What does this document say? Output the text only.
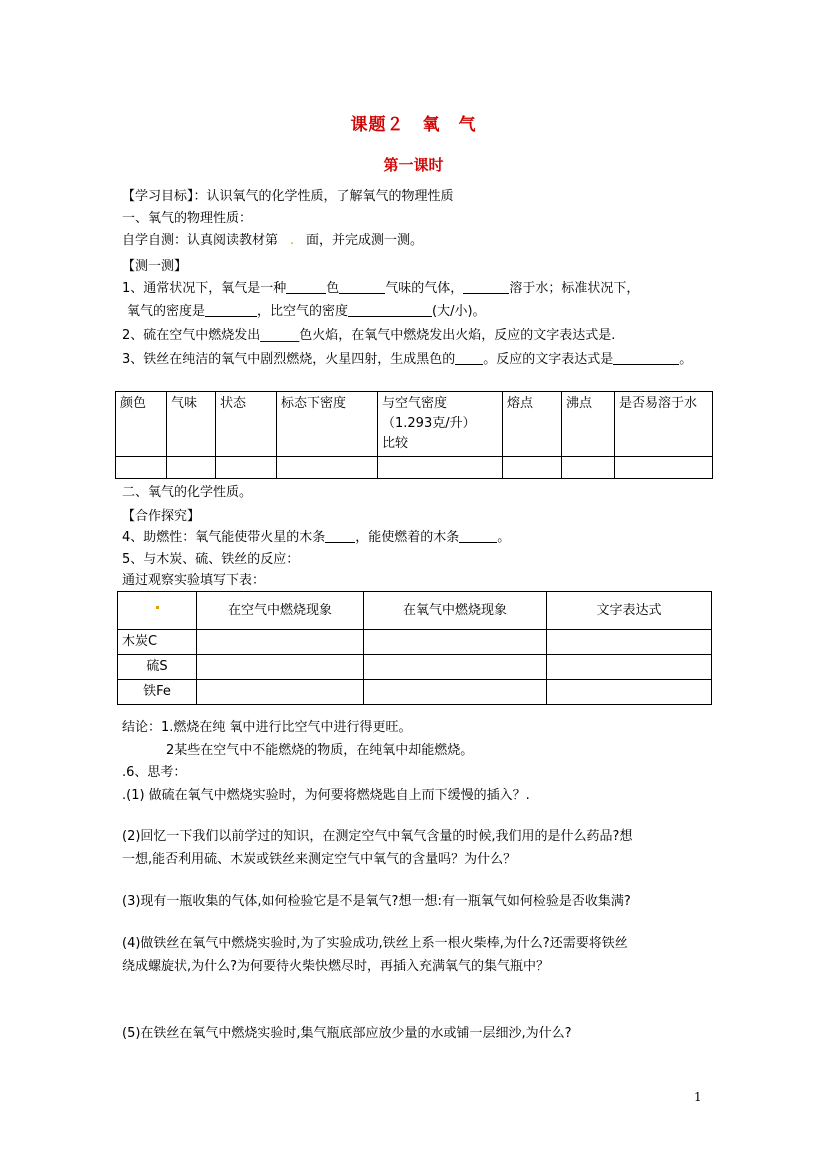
课题２　氧　气
第一课时
【学习目标】：认识氧气的化学性质，了解氧气的物理性质
一、氧气的物理性质：
自学自测：认真阅读教材第 . 面，并完成测一测。
【测一测】
1、通常状况下，氧气是一种	色	气味的气体，	溶于水；标准状况下，
氧气的密度是	，比空气的密度	(大/小)。
2、硫在空气中燃烧发出______色火焰，在氧气中燃烧发出火焰，反应的文字表达式是.
3、铁丝在纯洁的氧气中剧烈燃烧，火星四射，生成黑色的 。反应的文字表达式是	。
颜色	气味	状态	标态下密度	与空气密度
（1.293克/升）
比较	熔点	沸点	是否易溶于水

二、氧气的化学性质。
【合作探究】
4、助燃性：氧气能使带火星的木条 ，能使燃着的木条	。
5、与木炭、硫、铁丝的反应：
通过观察实验填写下表：
	在空气中燃烧现象	在氧气中燃烧现象	文字表达式
木炭C			
硫S			
铁Fe			
结论：1.燃烧在纯 氧中进行比空气中进行得更旺。
2某些在空气中不能燃烧的物质，在纯氧中却能燃烧。
.6、思考：
.(1) 做硫在氧气中燃烧实验时，为何要将燃烧匙自上而下缓慢的插入？.
(2)回忆一下我们以前学过的知识，在测定空气中氧气含量的时候,我们用的是什么药品?想
一想,能否利用硫、木炭或铁丝来测定空气中氧气的含量吗？为什么？
(3)现有一瓶收集的气体,如何检验它是不是氧气?想一想:有一瓶氧气如何检验是否收集满?
(4)做铁丝在氧气中燃烧实验时,为了实验成功,铁丝上系一根火柴棒,为什么?还需要将铁丝
绕成螺旋状,为什么?为何要待火柴快燃尽时，再插入充满氧气的集气瓶中？
(5)在铁丝在氧气中燃烧实验时,集气瓶底部应放少量的水或铺一层细沙,为什么?
1
